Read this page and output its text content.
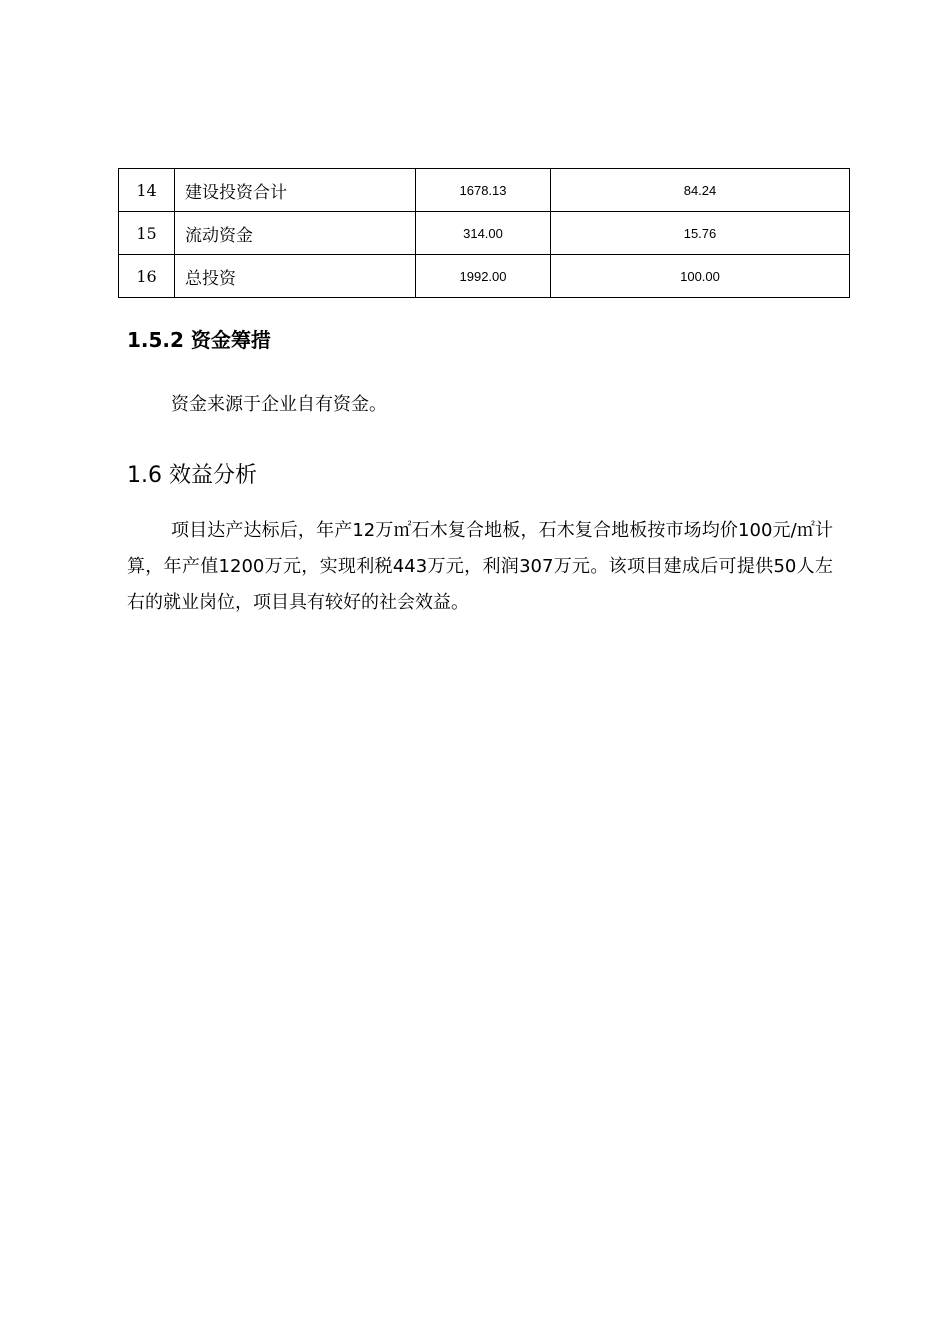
14	建设投资合计	1678.13	84.24
15	流动资金	314.00	15.76
16	总投资	1992.00	100.00
1.5.2 资金筹措

资金来源于企业自有资金。

1.6 效益分析

项目达产达标后，年产12万㎡石木复合地板，石木复合地板按市场均价100元/㎡计算，年产值1200万元，实现利税443万元，利润307万元。该项目建成后可提供50人左右的就业岗位，项目具有较好的社会效益。
